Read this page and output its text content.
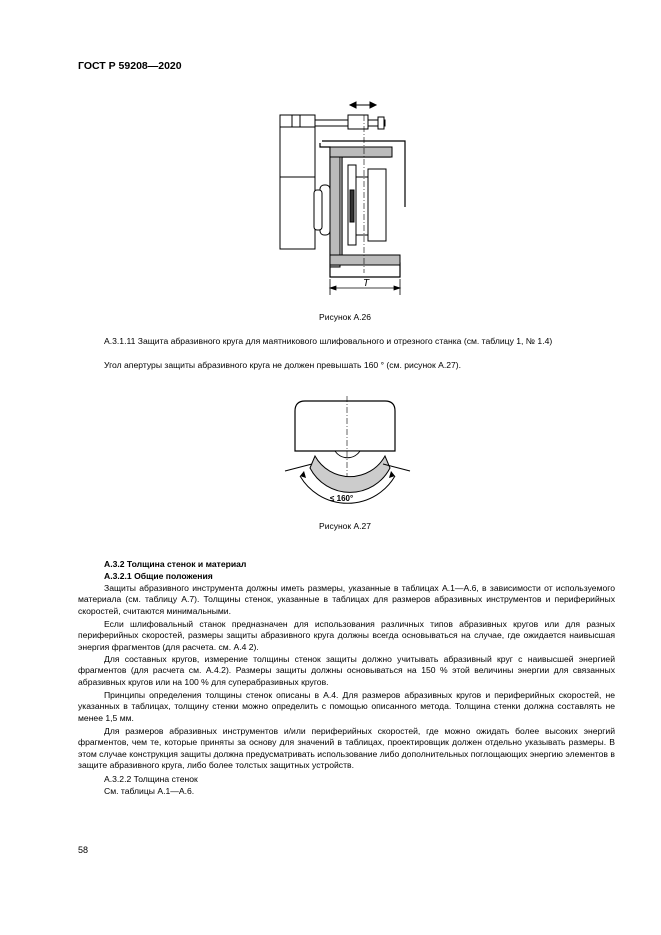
ГОСТ Р 59208—2020
T
Рисунок А.26
А.3.1.11 Защита абразивного круга для маятникового шлифовального и отрезного станка (см. таблицу 1, № 1.4)
Угол апертуры защиты абразивного круга не должен превышать 160 ° (см. рисунок А.27).
≤ 160°
Рисунок А.27
А.3.2 Толщина стенок и материал
А.3.2.1 Общие положения
Защиты абразивного инструмента должны иметь размеры, указанные в таблицах А.1—А.6, в зависимости от используемого материала (см. таблицу А.7). Толщины стенок, указанные в таблицах для размеров абразивных инструментов и периферийных скоростей, считаются минимальными.
Если шлифовальный станок предназначен для использования различных типов абразивных кругов или для разных периферийных скоростей, размеры защиты абразивного круга должны всегда основываться на случае, где ожидается наивысшая энергия фрагментов (для расчета. см. А.4 2).
Для составных кругов, измерение толщины стенок защиты должно учитывать абразивный круг с наивысшей энергией фрагментов (для расчета см. А.4.2). Размеры защиты должны основываться на 150 % этой величины энергии для связанных абразивных кругов или на 100 % для суперабразивных кругов.
Принципы определения толщины стенок описаны в А.4. Для размеров абразивных кругов и периферийных скоростей, не указанных в таблицах, толщину стенки можно определить с помощью описанного метода. Толщина стенки должна составлять не менее 1,5 мм.
Для размеров абразивных инструментов и/или периферийных скоростей, где можно ожидать более высоких энергий фрагментов, чем те, которые приняты за основу для значений в таблицах, проектировщик должен отдельно указывать размеры. В этом случае конструкция защиты должна предусматривать использование либо дополнительных поглощающих энергию элементов в защите абразивного круга, либо более толстых защитных устройств.
А.3.2.2 Толщина стенок
См. таблицы А.1—А.6.
58
